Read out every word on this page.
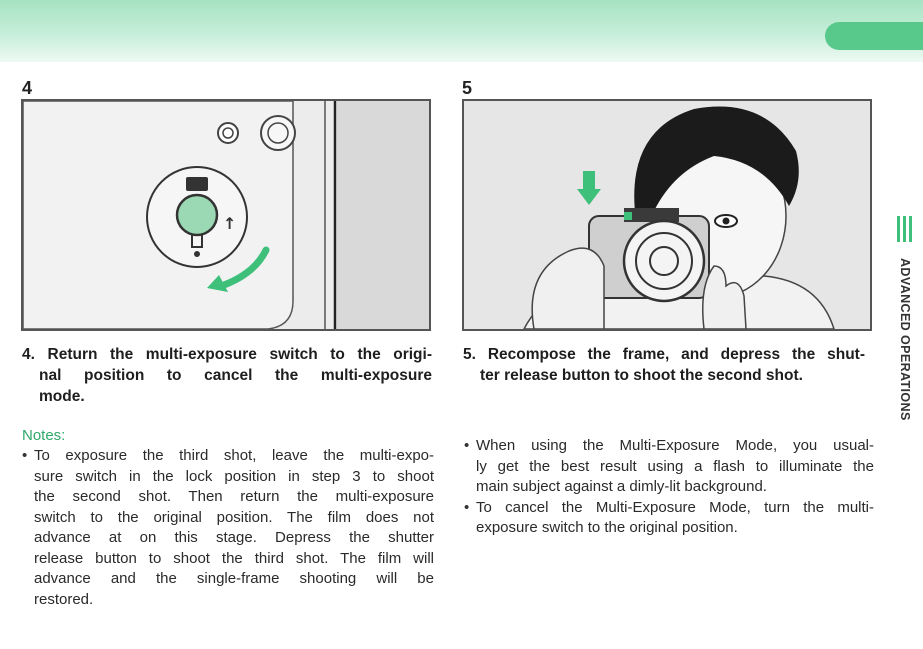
4	5
↑
4. Return the multi-exposure switch to the origi-
nal position to cancel the multi-exposure
mode.
5. Recompose the frame, and depress the shut-
ter release button to shoot the second shot.
Notes:
• To exposure the third shot, leave the multi-expo-
sure switch in the lock position in step 3 to shoot
the second shot. Then return the multi-exposure
switch to the original position. The film does not
advance at on this stage. Depress the shutter
release button to shoot the third shot. The film will
advance and the single-frame shooting will be
restored.
• When using the Multi-Exposure Mode, you usual-
ly get the best result using a flash to illuminate the
main subject against a dimly-lit background.
• To cancel the Multi-Exposure Mode, turn the multi-
exposure switch to the original position.
ADVANCED OPERATIONS
